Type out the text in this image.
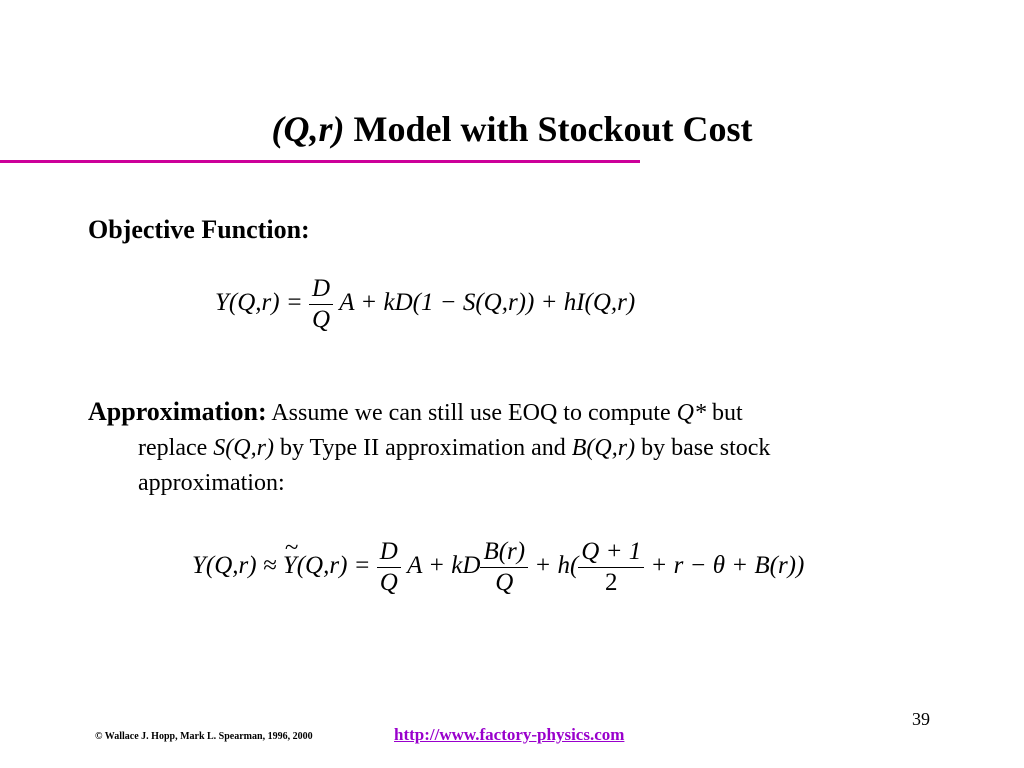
(Q,r) Model with Stockout Cost
Objective Function:
$Y(Q,r) = \frac{D}{Q}$ A + kD(1 − S(Q,r)) + hI(Q,r)
Approximation: Assume we can still use EOQ to compute Q* but
replace S(Q,r) by Type II approximation and B(Q,r) by base stock
approximation:
Y(Q,r) ≈ Y
~
$(Q,r) = \frac{D}{Q}$ A + kD $\frac{B(r)}{Q} + h( \frac{Q + 1}{2} + r - \theta + B(r))$
39
© Wallace J. Hopp, Mark L. Spearman, 1996, 2000	http://www.factory-physics.com
